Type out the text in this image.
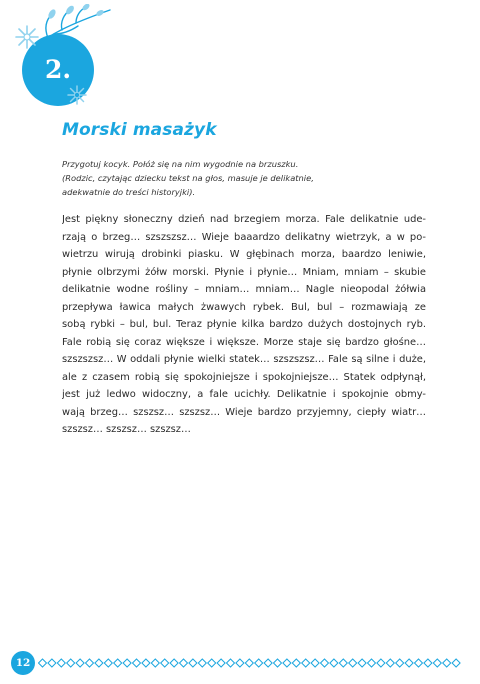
2.
Morski masażyk
Przygotuj kocyk. Połóż się na nim wygodnie na brzuszku.
(Rodzic, czytając dziecku tekst na głos, masuje je delikatnie,
adekwatnie do treści historyjki).
Jest piękny słoneczny dzień nad brzegiem morza. Fale delikatnie ude-
rzają o brzeg… szszszsz… Wieje baaardzo delikatny wietrzyk, a w po-
wietrzu wirują drobinki piasku. W głębinach morza, baardzo leniwie,
płynie olbrzymi żółw morski. Płynie i płynie… Mniam, mniam – skubie
delikatnie wodne rośliny – mniam… mniam… Nagle nieopodal żółwia
przepływa ławica małych żwawych rybek. Bul, bul – rozmawiają ze
sobą rybki – bul, bul. Teraz płynie kilka bardzo dużych dostojnych ryb.
Fale robią się coraz większe i większe. Morze staje się bardzo głośne…
szszszsz… W oddali płynie wielki statek… szszszsz… Fale są silne i duże,
ale z czasem robią się spokojniejsze i spokojniejsze… Statek odpłynął,
jest już ledwo widoczny, a fale ucichły. Delikatnie i spokojnie obmy-
wają brzeg… szszsz… szszsz… Wieje bardzo przyjemny, ciepły wiatr…
szszsz… szszsz… szszsz…
12
